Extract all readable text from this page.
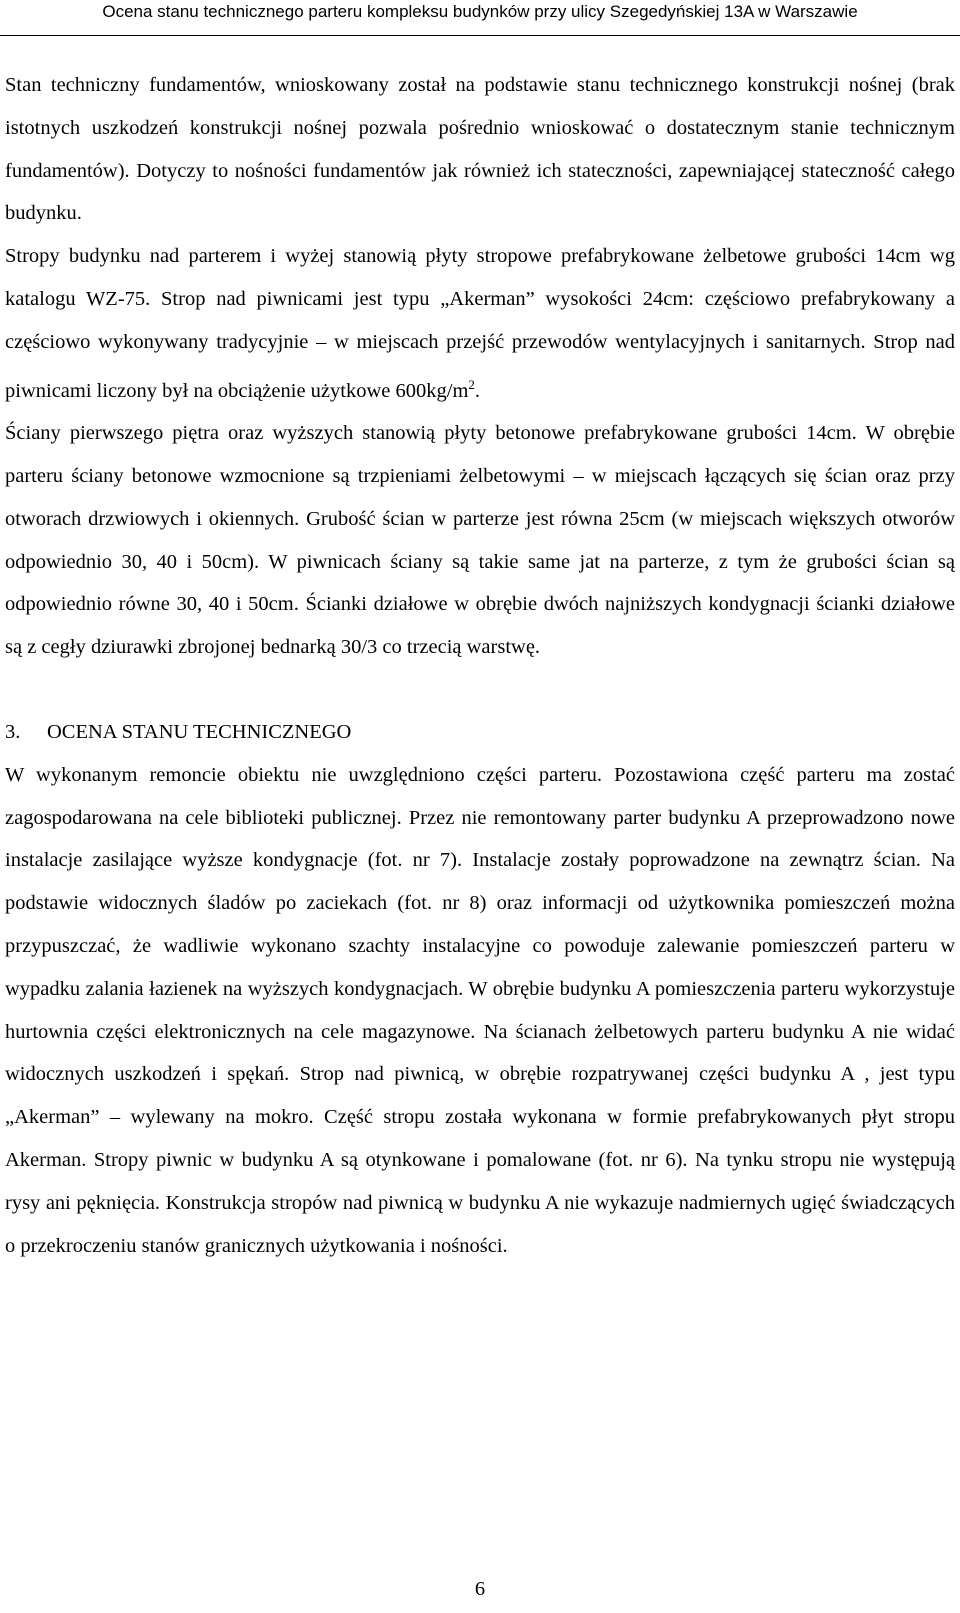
Ocena stanu technicznego parteru kompleksu budynków przy ulicy Szegedyńskiej 13A w Warszawie

Stan techniczny fundamentów, wnioskowany został na podstawie stanu technicznego konstrukcji nośnej (brak istotnych uszkodzeń konstrukcji nośnej pozwala pośrednio wnioskować o dostatecznym stanie technicznym fundamentów). Dotyczy to nośności fundamentów jak również ich stateczności, zapewniającej stateczność całego budynku.

Stropy budynku nad parterem i wyżej stanowią płyty stropowe prefabrykowane żelbetowe grubości 14cm wg katalogu WZ-75. Strop nad piwnicami jest typu „Akerman” wysokości 24cm: częściowo prefabrykowany a częściowo wykonywany tradycyjnie – w miejscach przejść przewodów wentylacyjnych i sanitarnych. Strop nad piwnicami liczony był na obciążenie użytkowe $600kg/m^2$.

Ściany pierwszego piętra oraz wyższych stanowią płyty betonowe prefabrykowane grubości 14cm. W obrębie parteru ściany betonowe wzmocnione są trzpieniami żelbetowymi – w miejscach łączących się ścian oraz przy otworach drzwiowych i okiennych. Grubość ścian w parterze jest równa 25cm (w miejscach większych otworów odpowiednio 30, 40 i 50cm). W piwnicach ściany są takie same jat na parterze, z tym że grubości ścian są odpowiednio równe 30, 40 i 50cm. Ścianki działowe w obrębie dwóch najniższych kondygnacji ścianki działowe są z cegły dziurawki zbrojonej bednarką 30/3 co trzecią warstwę.

3.	OCENA STANU TECHNICZNEGO

W wykonanym remoncie obiektu nie uwzględniono części parteru. Pozostawiona część parteru ma zostać zagospodarowana na cele biblioteki publicznej. Przez nie remontowany parter budynku A przeprowadzono nowe instalacje zasilające wyższe kondygnacje (fot. nr 7). Instalacje zostały poprowadzone na zewnątrz ścian. Na podstawie widocznych śladów po zaciekach (fot. nr 8) oraz informacji od użytkownika pomieszczeń można przypuszczać, że wadliwie wykonano szachty instalacyjne co powoduje zalewanie pomieszczeń parteru w wypadku zalania łazienek na wyższych kondygnacjach. W obrębie budynku A pomieszczenia parteru wykorzystuje hurtownia części elektronicznych na cele magazynowe. Na ścianach żelbetowych parteru budynku A nie widać widocznych uszkodzeń i spękań. Strop nad piwnicą, w obrębie rozpatrywanej części budynku A , jest typu „Akerman” – wylewany na mokro. Część stropu została wykonana w formie prefabrykowanych płyt stropu Akerman. Stropy piwnic w budynku A są otynkowane i pomalowane (fot. nr 6). Na tynku stropu nie występują rysy ani pęknięcia. Konstrukcja stropów nad piwnicą w budynku A nie wykazuje nadmiernych ugięć świadczących o przekroczeniu stanów granicznych użytkowania i nośności.

6
